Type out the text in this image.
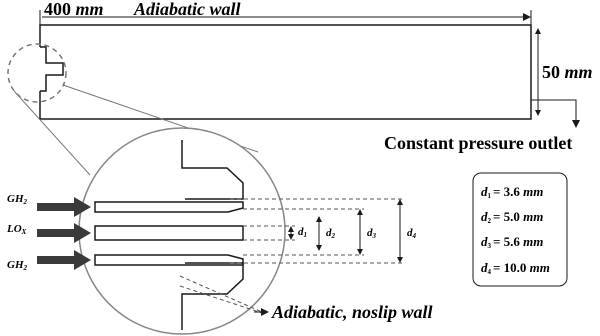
400 mm Adiabatic wall
50 mm
Constant pressure outlet
GH2
LOX
GH2
d1 d2	d3	d4
d1 = 3.6 mm
d2 = 5.0 mm
d3 = 5.6 mm
d4 = 10.0 mm
Adiabatic, noslip wall
